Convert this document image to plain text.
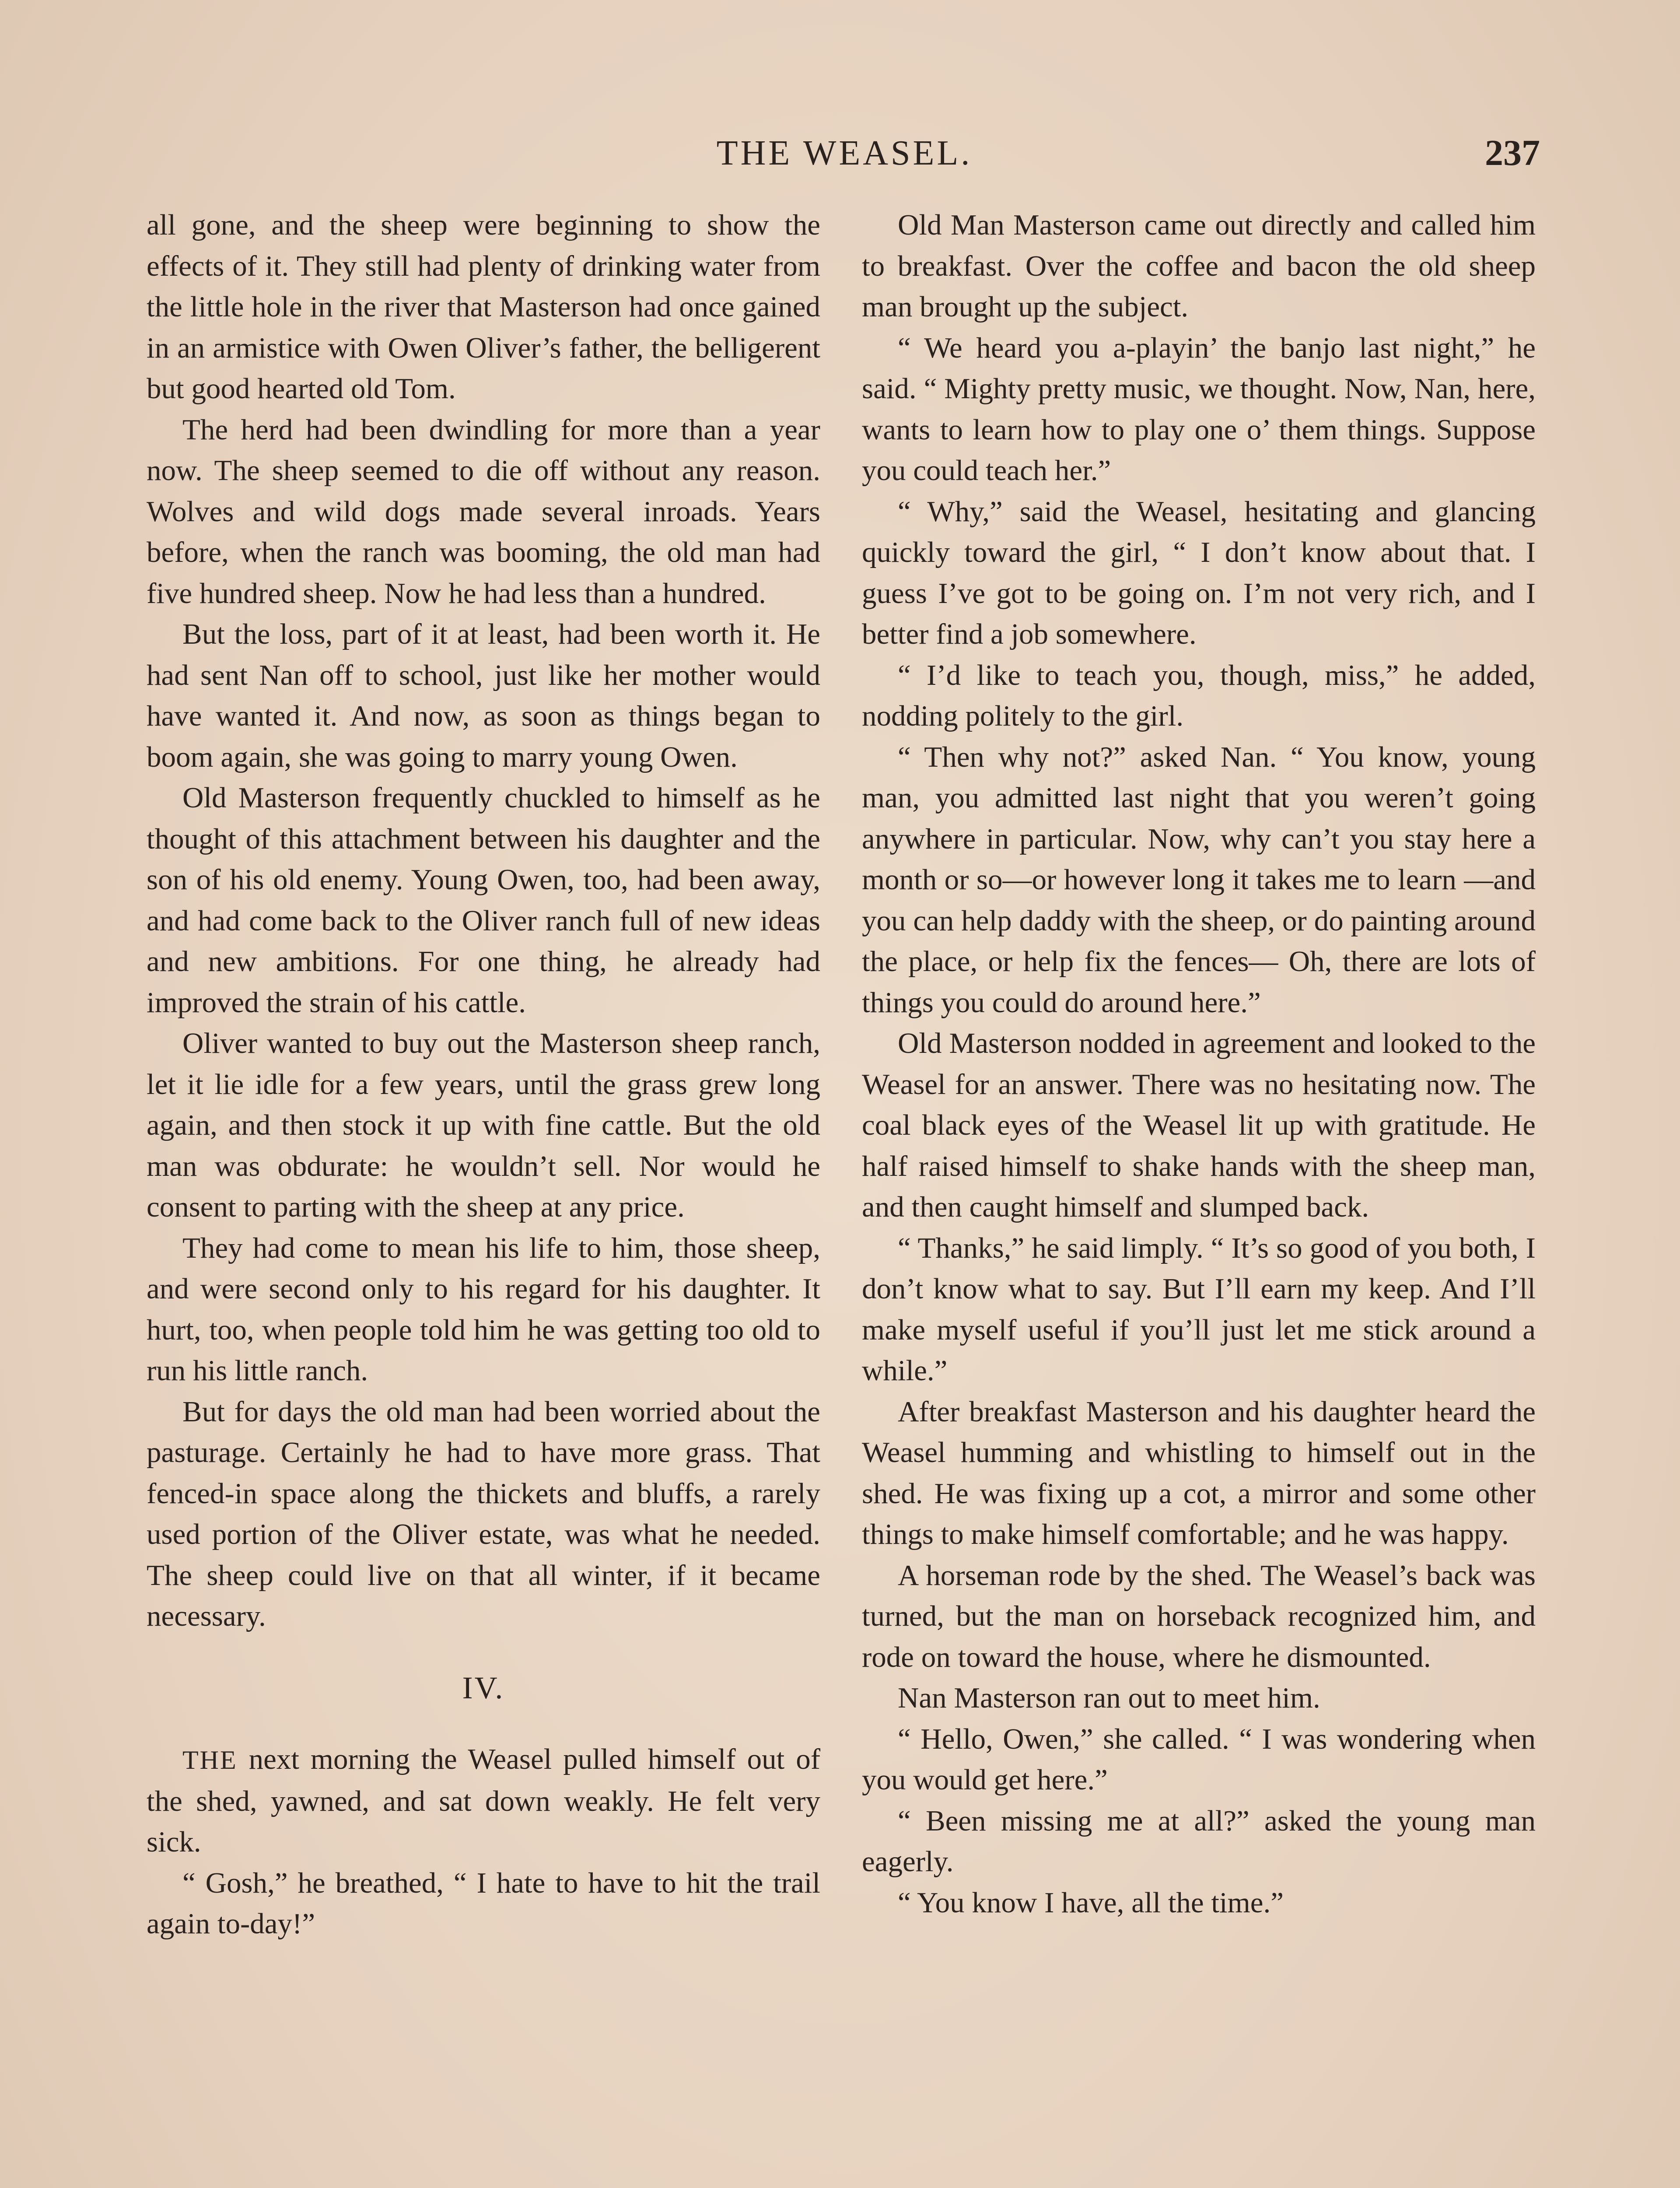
THE WEASEL.	237

all gone, and the sheep were beginning to show the effects of it. They still had plenty of drinking water from the little hole in the river that Masterson had once gained in an armistice with Owen Oliver’s father, the belligerent but good hearted old Tom.

The herd had been dwindling for more than a year now. The sheep seemed to die off without any reason. Wolves and wild dogs made several inroads. Years before, when the ranch was booming, the old man had five hundred sheep. Now he had less than a hundred.

But the loss, part of it at least, had been worth it. He had sent Nan off to school, just like her mother would have wanted it. And now, as soon as things began to boom again, she was going to marry young Owen.

Old Masterson frequently chuckled to himself as he thought of this attachment between his daughter and the son of his old enemy. Young Owen, too, had been away, and had come back to the Oliver ranch full of new ideas and new ambitions. For one thing, he already had improved the strain of his cattle.

Oliver wanted to buy out the Masterson sheep ranch, let it lie idle for a few years, until the grass grew long again, and then stock it up with fine cattle. But the old man was obdurate: he wouldn’t sell. Nor would he consent to parting with the sheep at any price.

They had come to mean his life to him, those sheep, and were second only to his regard for his daughter. It hurt, too, when people told him he was getting too old to run his little ranch.

But for days the old man had been worried about the pasturage. Certainly he had to have more grass. That fenced-in space along the thickets and bluffs, a rarely used portion of the Oliver estate, was what he needed. The sheep could live on that all winter, if it became necessary.

IV.

THE next morning the Weasel pulled himself out of the shed, yawned, and sat down weakly. He felt very sick.

“ Gosh,” he breathed, “ I hate to have to hit the trail again to-day!”

Old Man Masterson came out directly and called him to breakfast. Over the coffee and bacon the old sheep man brought up the subject.

“ We heard you a-playin’ the banjo last night,” he said. “ Mighty pretty music, we thought. Now, Nan, here, wants to learn how to play one o’ them things. Suppose you could teach her.”

“ Why,” said the Weasel, hesitating and glancing quickly toward the girl, “ I don’t know about that. I guess I’ve got to be going on. I’m not very rich, and I better find a job somewhere.

“ I’d like to teach you, though, miss,” he added, nodding politely to the girl.

“ Then why not?” asked Nan. “ You know, young man, you admitted last night that you weren’t going anywhere in particular. Now, why can’t you stay here a month or so—or however long it takes me to learn —and you can help daddy with the sheep, or do painting around the place, or help fix the fences— Oh, there are lots of things you could do around here.”

Old Masterson nodded in agreement and looked to the Weasel for an answer. There was no hesitating now. The coal black eyes of the Weasel lit up with gratitude. He half raised himself to shake hands with the sheep man, and then caught himself and slumped back.

“ Thanks,” he said limply. “ It’s so good of you both, I don’t know what to say. But I’ll earn my keep. And I’ll make myself useful if you’ll just let me stick around a while.”

After breakfast Masterson and his daughter heard the Weasel humming and whistling to himself out in the shed. He was fixing up a cot, a mirror and some other things to make himself comfortable; and he was happy.

A horseman rode by the shed. The Weasel’s back was turned, but the man on horseback recognized him, and rode on toward the house, where he dismounted.

Nan Masterson ran out to meet him.

“ Hello, Owen,” she called. “ I was wondering when you would get here.”

“ Been missing me at all?” asked the young man eagerly.

“ You know I have, all the time.”
